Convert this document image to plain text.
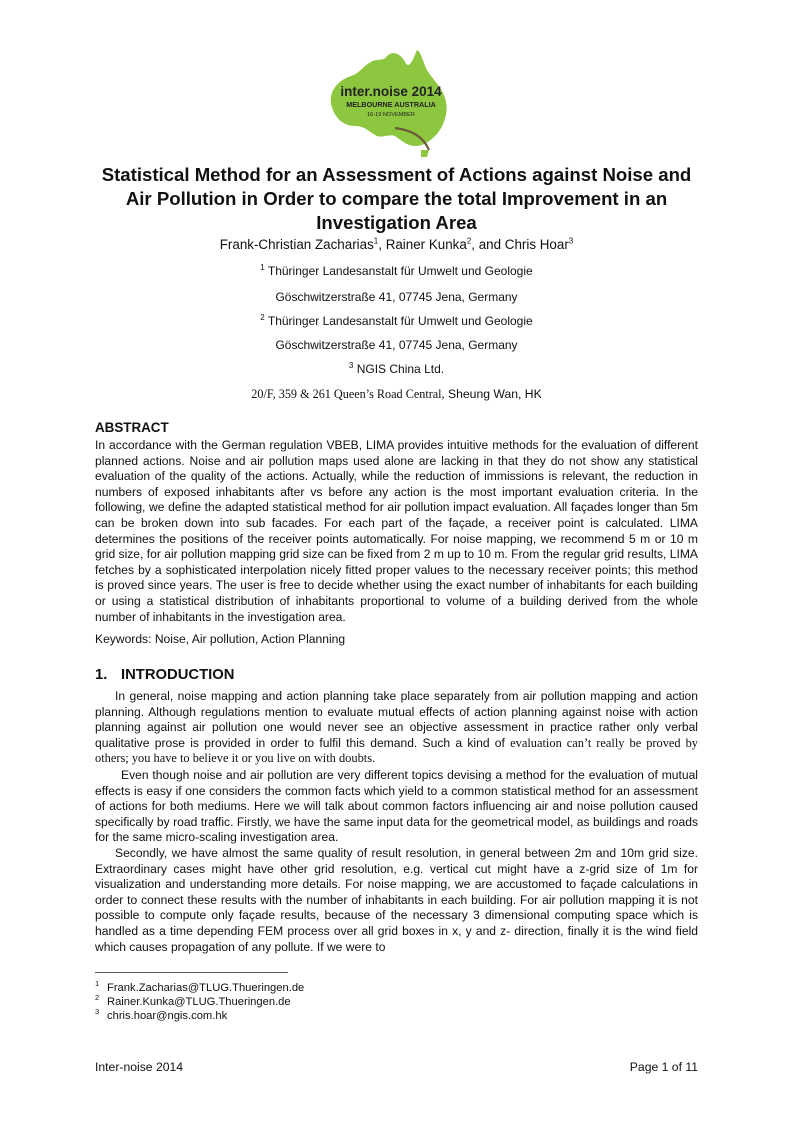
inter.noise 2014
MELBOURNE AUSTRALIA
16-19 NOVEMBER
Statistical Method for an Assessment of Actions against Noise and
Air Pollution in Order to compare the total Improvement in an
Investigation Area
Frank-Christian Zacharias$^1$, Rainer Kunka$^2$, and Chris Hoar$^3$
$^1$ Thüringer Landesanstalt für Umwelt und Geologie
Göschwitzerstraße 41, 07745 Jena, Germany
$^2$ Thüringer Landesanstalt für Umwelt und Geologie
Göschwitzerstraße 41, 07745 Jena, Germany
$^3$ NGIS China Ltd.
20/F, 359 & 261 Queen’s Road Central, Sheung Wan, HK
ABSTRACT

In accordance with the German regulation VBEB, LIMA provides intuitive methods for the evaluation of different planned actions. Noise and air pollution maps used alone are lacking in that they do not show any statistical evaluation of the quality of the actions. Actually, while the reduction of immissions is relevant, the reduction in numbers of exposed inhabitants after vs before any action is the most important evaluation criteria. In the following, we define the adapted statistical method for air pollution impact evaluation. All façades longer than 5m can be broken down into sub facades. For each part of the façade, a receiver point is calculated. LIMA determines the positions of the receiver points automatically. For noise mapping, we recommend 5 m or 10 m grid size, for air pollution mapping grid size can be fixed from 2 m up to 10 m. From the regular grid results, LIMA fetches by a sophisticated interpolation nicely fitted proper values to the necessary receiver points; this method is proved since years. The user is free to decide whether using the exact number of inhabitants for each building or using a statistical distribution of inhabitants proportional to volume of a building derived from the whole number of inhabitants in the investigation area.

Keywords: Noise, Air pollution, Action Planning

1. INTRODUCTION

In general, noise mapping and action planning take place separately from air pollution mapping and action planning. Although regulations mention to evaluate mutual effects of action planning against noise with action planning against air pollution one would never see an objective assessment in practice rather only verbal qualitative prose is provided in order to fulfil this demand. Such a kind of evaluation can’t really be proved by others; you have to believe it or you live on with doubts.

Even though noise and air pollution are very different topics devising a method for the evaluation of mutual effects is easy if one considers the common facts which yield to a common statistical method for an assessment of actions for both mediums. Here we will talk about common factors influencing air and noise pollution caused specifically by road traffic. Firstly, we have the same input data for the geometrical model, as buildings and roads for the same micro-scaling investigation area.

Secondly, we have almost the same quality of result resolution, in general between 2m and 10m grid size. Extraordinary cases might have other grid resolution, e.g. vertical cut might have a z-grid size of 1m for visualization and understanding more details. For noise mapping, we are accustomed to façade calculations in order to connect these results with the number of inhabitants in each building. For air pollution mapping it is not possible to compute only façade results, because of the necessary 3 dimensional computing space which is handled as a time depending FEM process over all grid boxes in x, y and z- direction, finally it is the wind field which causes propagation of any pollute. If we were to

$^1$ Frank.Zacharias@TLUG.Thueringen.de
$^2$ Rainer.Kunka@TLUG.Thueringen.de
$^3$ chris.hoar@ngis.com.hk
Inter-noise 2014	Page 1 of 11
